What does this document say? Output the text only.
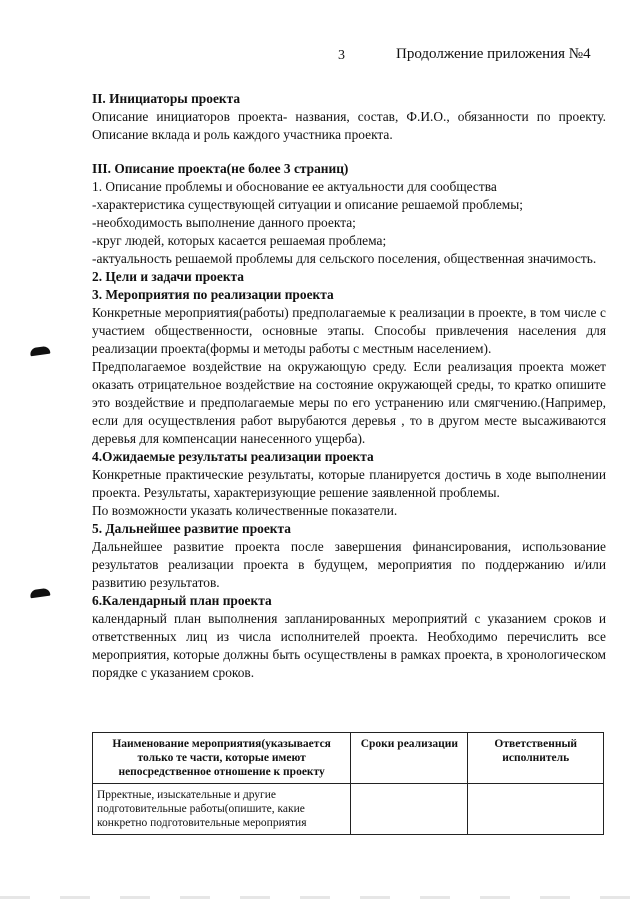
3	Продолжение приложения №4

II. Инициаторы проекта

Описание инициаторов проекта- названия, состав, Ф.И.О., обязанности по проекту. Описание вклада и роль каждого участника проекта.

III. Описание проекта(не более 3 страниц)

1. Описание проблемы и обоснование ее актуальности для сообщества

-характеристика существующей ситуации и описание решаемой проблемы;

-необходимость выполнение данного проекта;

-круг людей, которых касается решаемая проблема;

-актуальность решаемой проблемы для сельского поселения, общественная значимость.

2. Цели и задачи проекта

3. Мероприятия по реализации проекта

Конкретные мероприятия(работы) предполагаемые к реализации в проекте, в том числе с участием общественности, основные этапы. Способы привлечения населения для реализации проекта(формы и методы работы с местным населением).

Предполагаемое воздействие на окружающую среду. Если реализация проекта может оказать отрицательное воздействие на состояние окружающей среды, то кратко опишите это воздействие и предполагаемые меры по его устранению или смягчению.(Например, если для осуществления работ вырубаются деревья , то в другом месте высаживаются деревья для компенсации нанесенного ущерба).

4.Ожидаемые результаты реализации проекта

Конкретные практические результаты, которые планируется достичь в ходе выполнении проекта. Результаты, характеризующие решение заявленной проблемы.

По возможности указать количественные показатели.

5. Дальнейшее развитие проекта

Дальнейшее развитие проекта после завершения финансирования, использование результатов реализации проекта в будущем, мероприятия по поддержанию и/или развитию результатов.

6.Календарный план проекта

календарный план выполнения запланированных мероприятий с указанием сроков и ответственных лиц из числа исполнителей проекта. Необходимо перечислить все мероприятия, которые должны быть осуществлены в рамках проекта, в хронологическом порядке с указанием сроков.

Наименование мероприятия(указывается только те части, которые имеют непосредственное отношение к проекту	Сроки реализации	Ответственный исполнитель
Прректные, изыскательные и другие подготовительные работы(опишите, какие конкретно подготовительные мероприятия		
